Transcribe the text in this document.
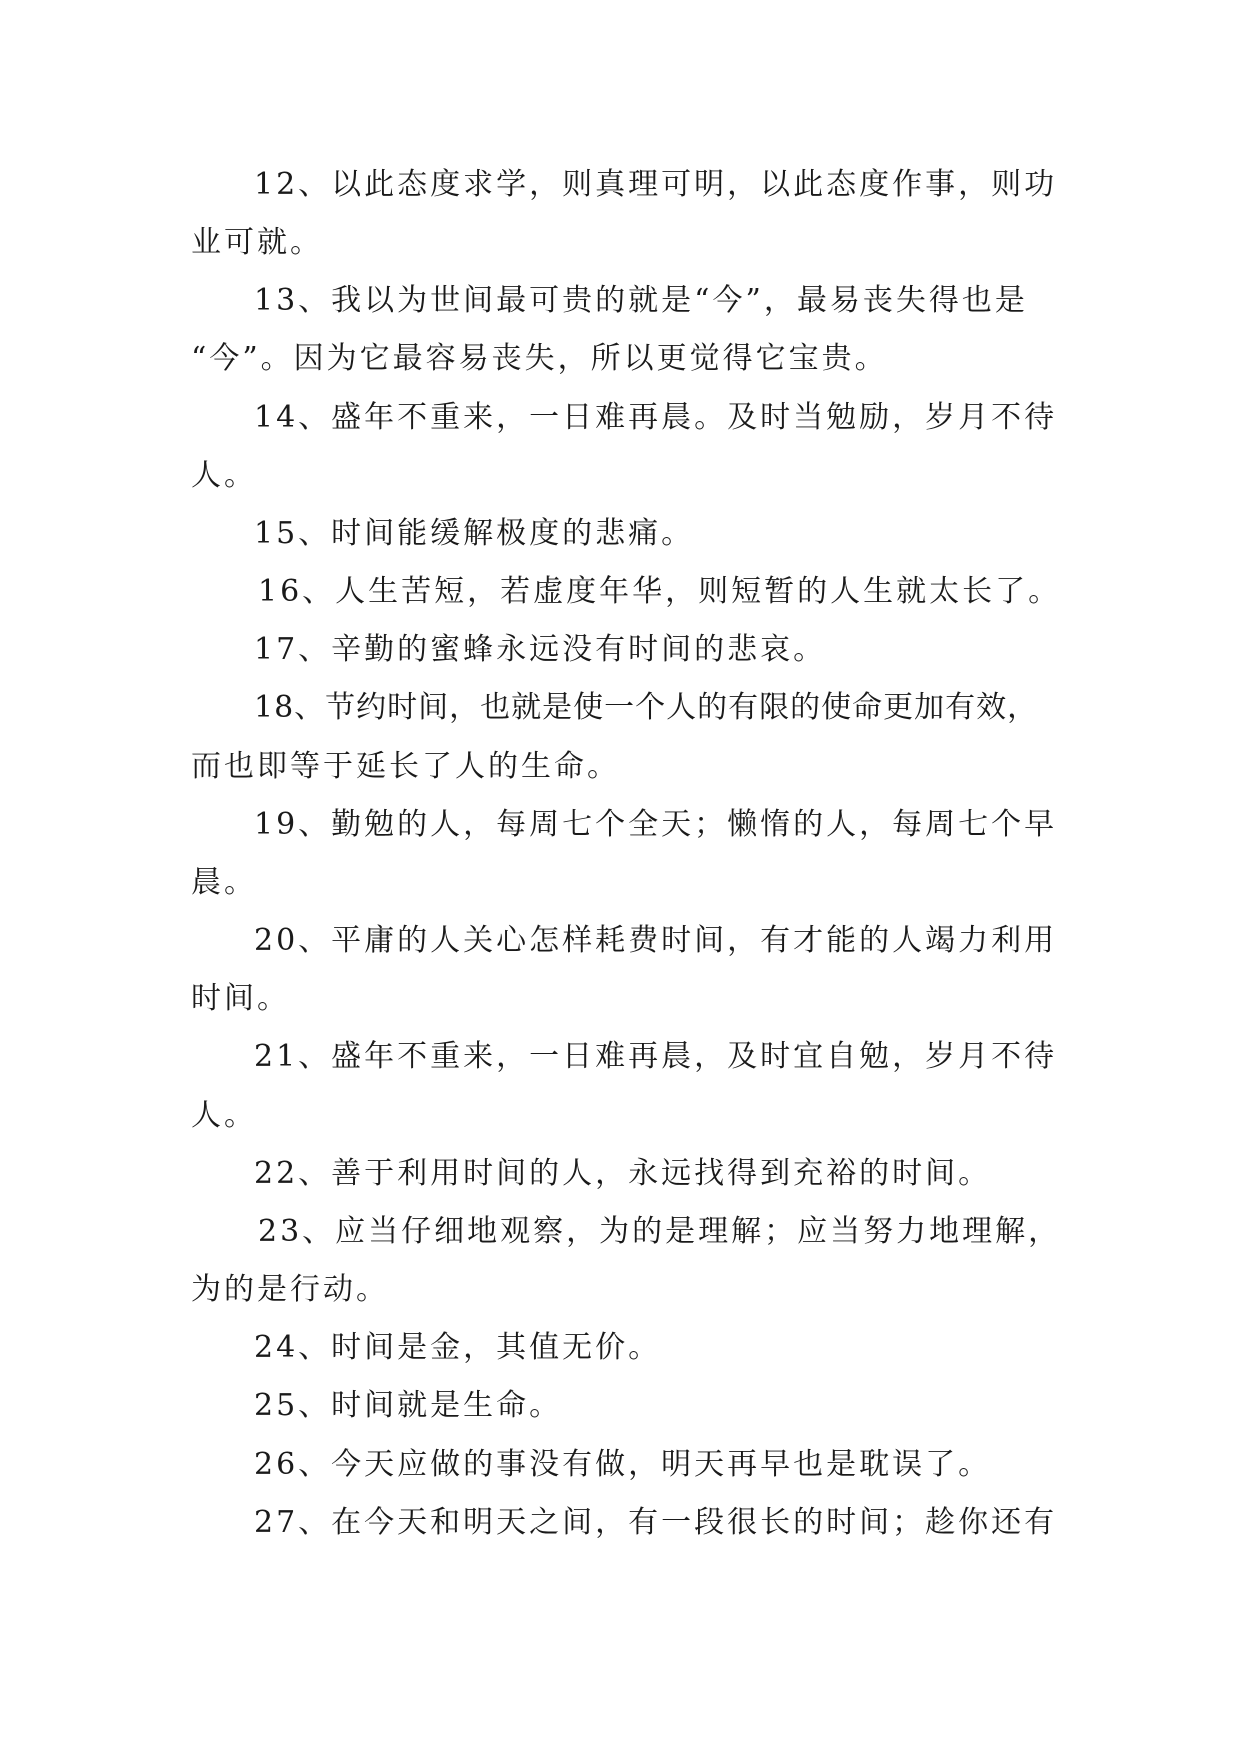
12、以此态度求学，则真理可明，以此态度作事，则功
业可就。
13、我以为世间最可贵的就是“今”，最易丧失得也是
“今”。因为它最容易丧失，所以更觉得它宝贵。
14、盛年不重来，一日难再晨。及时当勉励，岁月不待
人。
15、时间能缓解极度的悲痛。
16、人生苦短，若虚度年华，则短暂的人生就太长了。
17、辛勤的蜜蜂永远没有时间的悲哀。
18、节约时间，也就是使一个人的有限的使命更加有效，
而也即等于延长了人的生命。
19、勤勉的人，每周七个全天；懒惰的人，每周七个早
晨。
20、平庸的人关心怎样耗费时间，有才能的人竭力利用
时间。
21、盛年不重来，一日难再晨，及时宜自勉，岁月不待
人。
22、善于利用时间的人，永远找得到充裕的时间。
23、应当仔细地观察，为的是理解；应当努力地理解，
为的是行动。
24、时间是金，其值无价。
25、时间就是生命。
26、今天应做的事没有做，明天再早也是耽误了。
27、在今天和明天之间，有一段很长的时间；趁你还有
